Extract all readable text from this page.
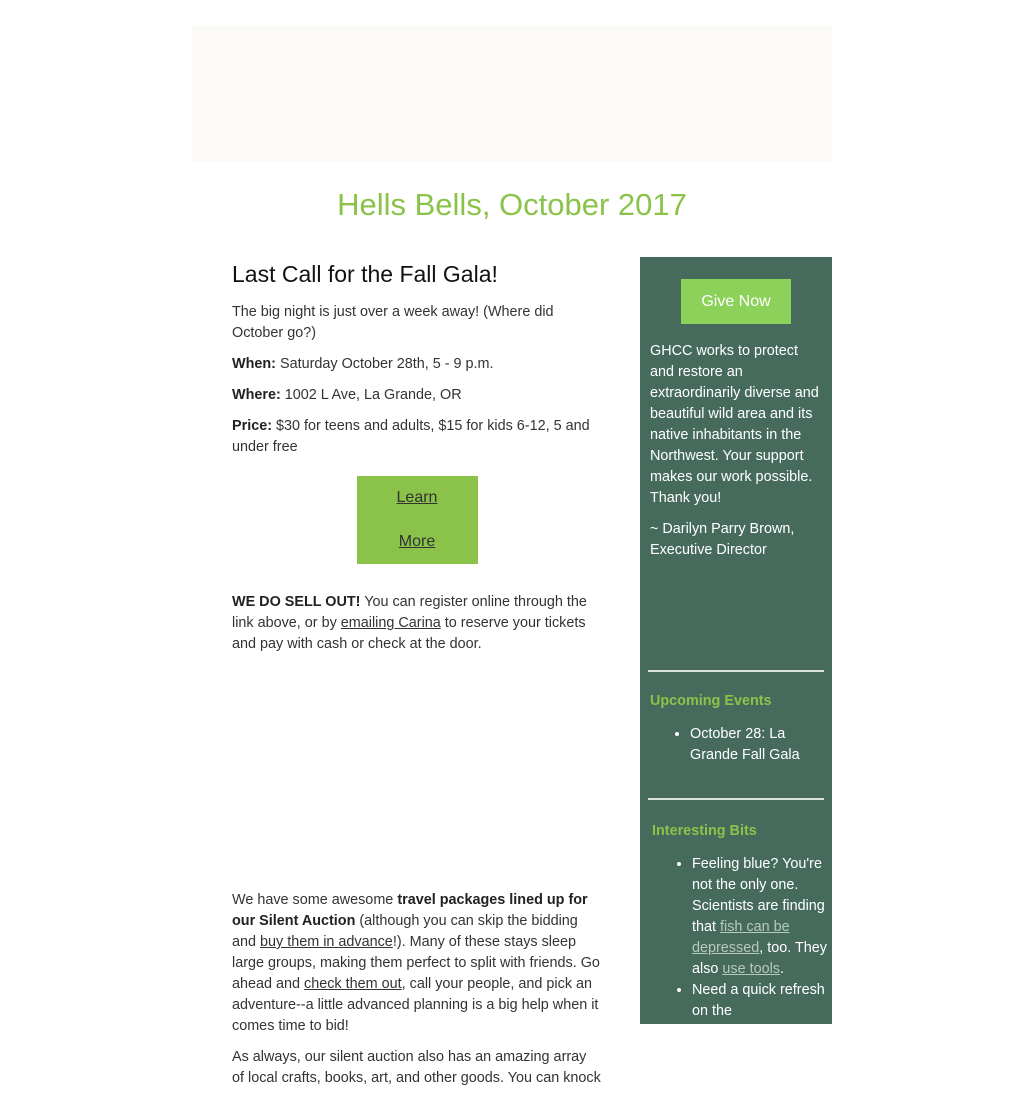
Hells Bells, October 2017
Last Call for the Fall Gala!

The big night is just over a week away! (Where did October go?)

When: Saturday October 28th, 5 - 9 p.m.

Where: 1002 L Ave, La Grande, OR

Price: $30 for teens and adults, $15 for kids 6-12, 5 and under free

Learn More

WE DO SELL OUT! You can register online through the link above, or by emailing Carina to reserve your tickets and pay with cash or check at the door.

We have some awesome travel packages lined up for our Silent Auction (although you can skip the bidding and buy them in advance!). Many of these stays sleep large groups, making them perfect to split with friends. Go ahead and check them out, call your people, and pick an adventure--a little advanced planning is a big help when it comes time to bid!

As always, our silent auction also has an amazing array of local crafts, books, art, and other goods. You can knock

Give Now

GHCC works to protect and restore an extraordinarily diverse and beautiful wild area and its native inhabitants in the Northwest. Your support makes our work possible. Thank you!

~ Darilyn Parry Brown, Executive Director

Upcoming Events
• October 28: La Grande Fall Gala
Interesting Bits
• Feeling blue? You're not the only one. Scientists are finding that fish can be depressed, too. They also use tools.
• Need a quick refresh on the
